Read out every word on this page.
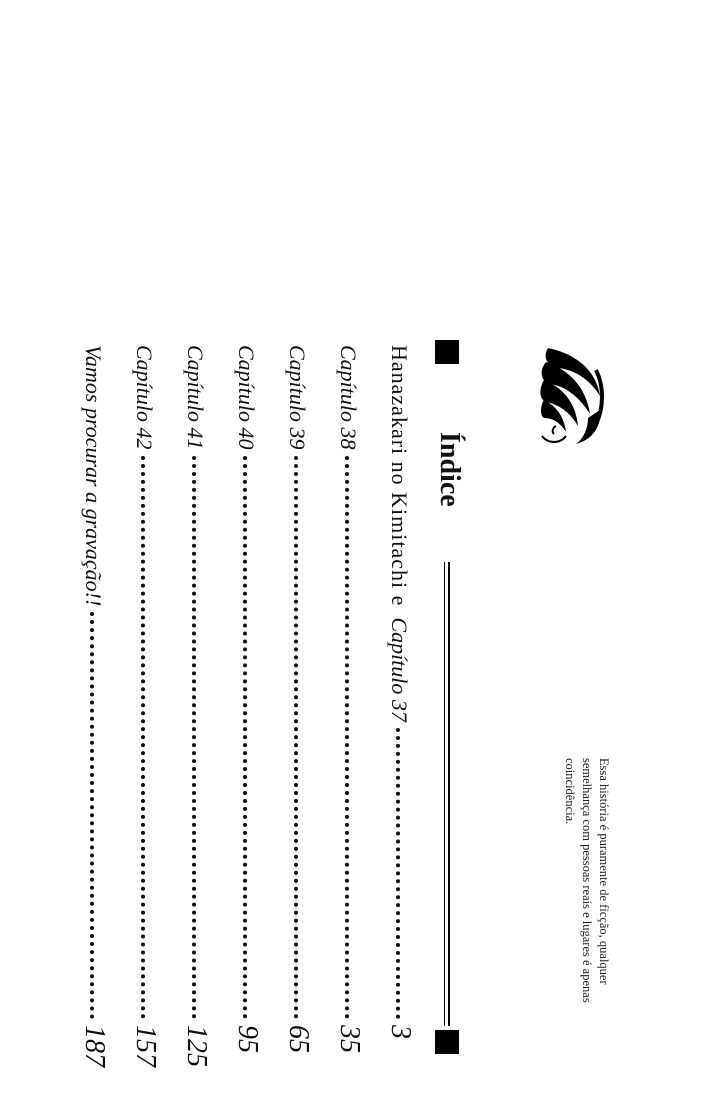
Índice
Hanazakari no Kimitachi e  Capítulo 37
3
Capítulo 38
35
Capítulo 39
65
Capítulo 40
95
Capítulo 41
125
Capítulo 42
157
Vamos procurar a gravação!!
187
Essa história é puramente de ficção, qualquer semelhança com pessoas reais e lugares é apenas coincidência.
